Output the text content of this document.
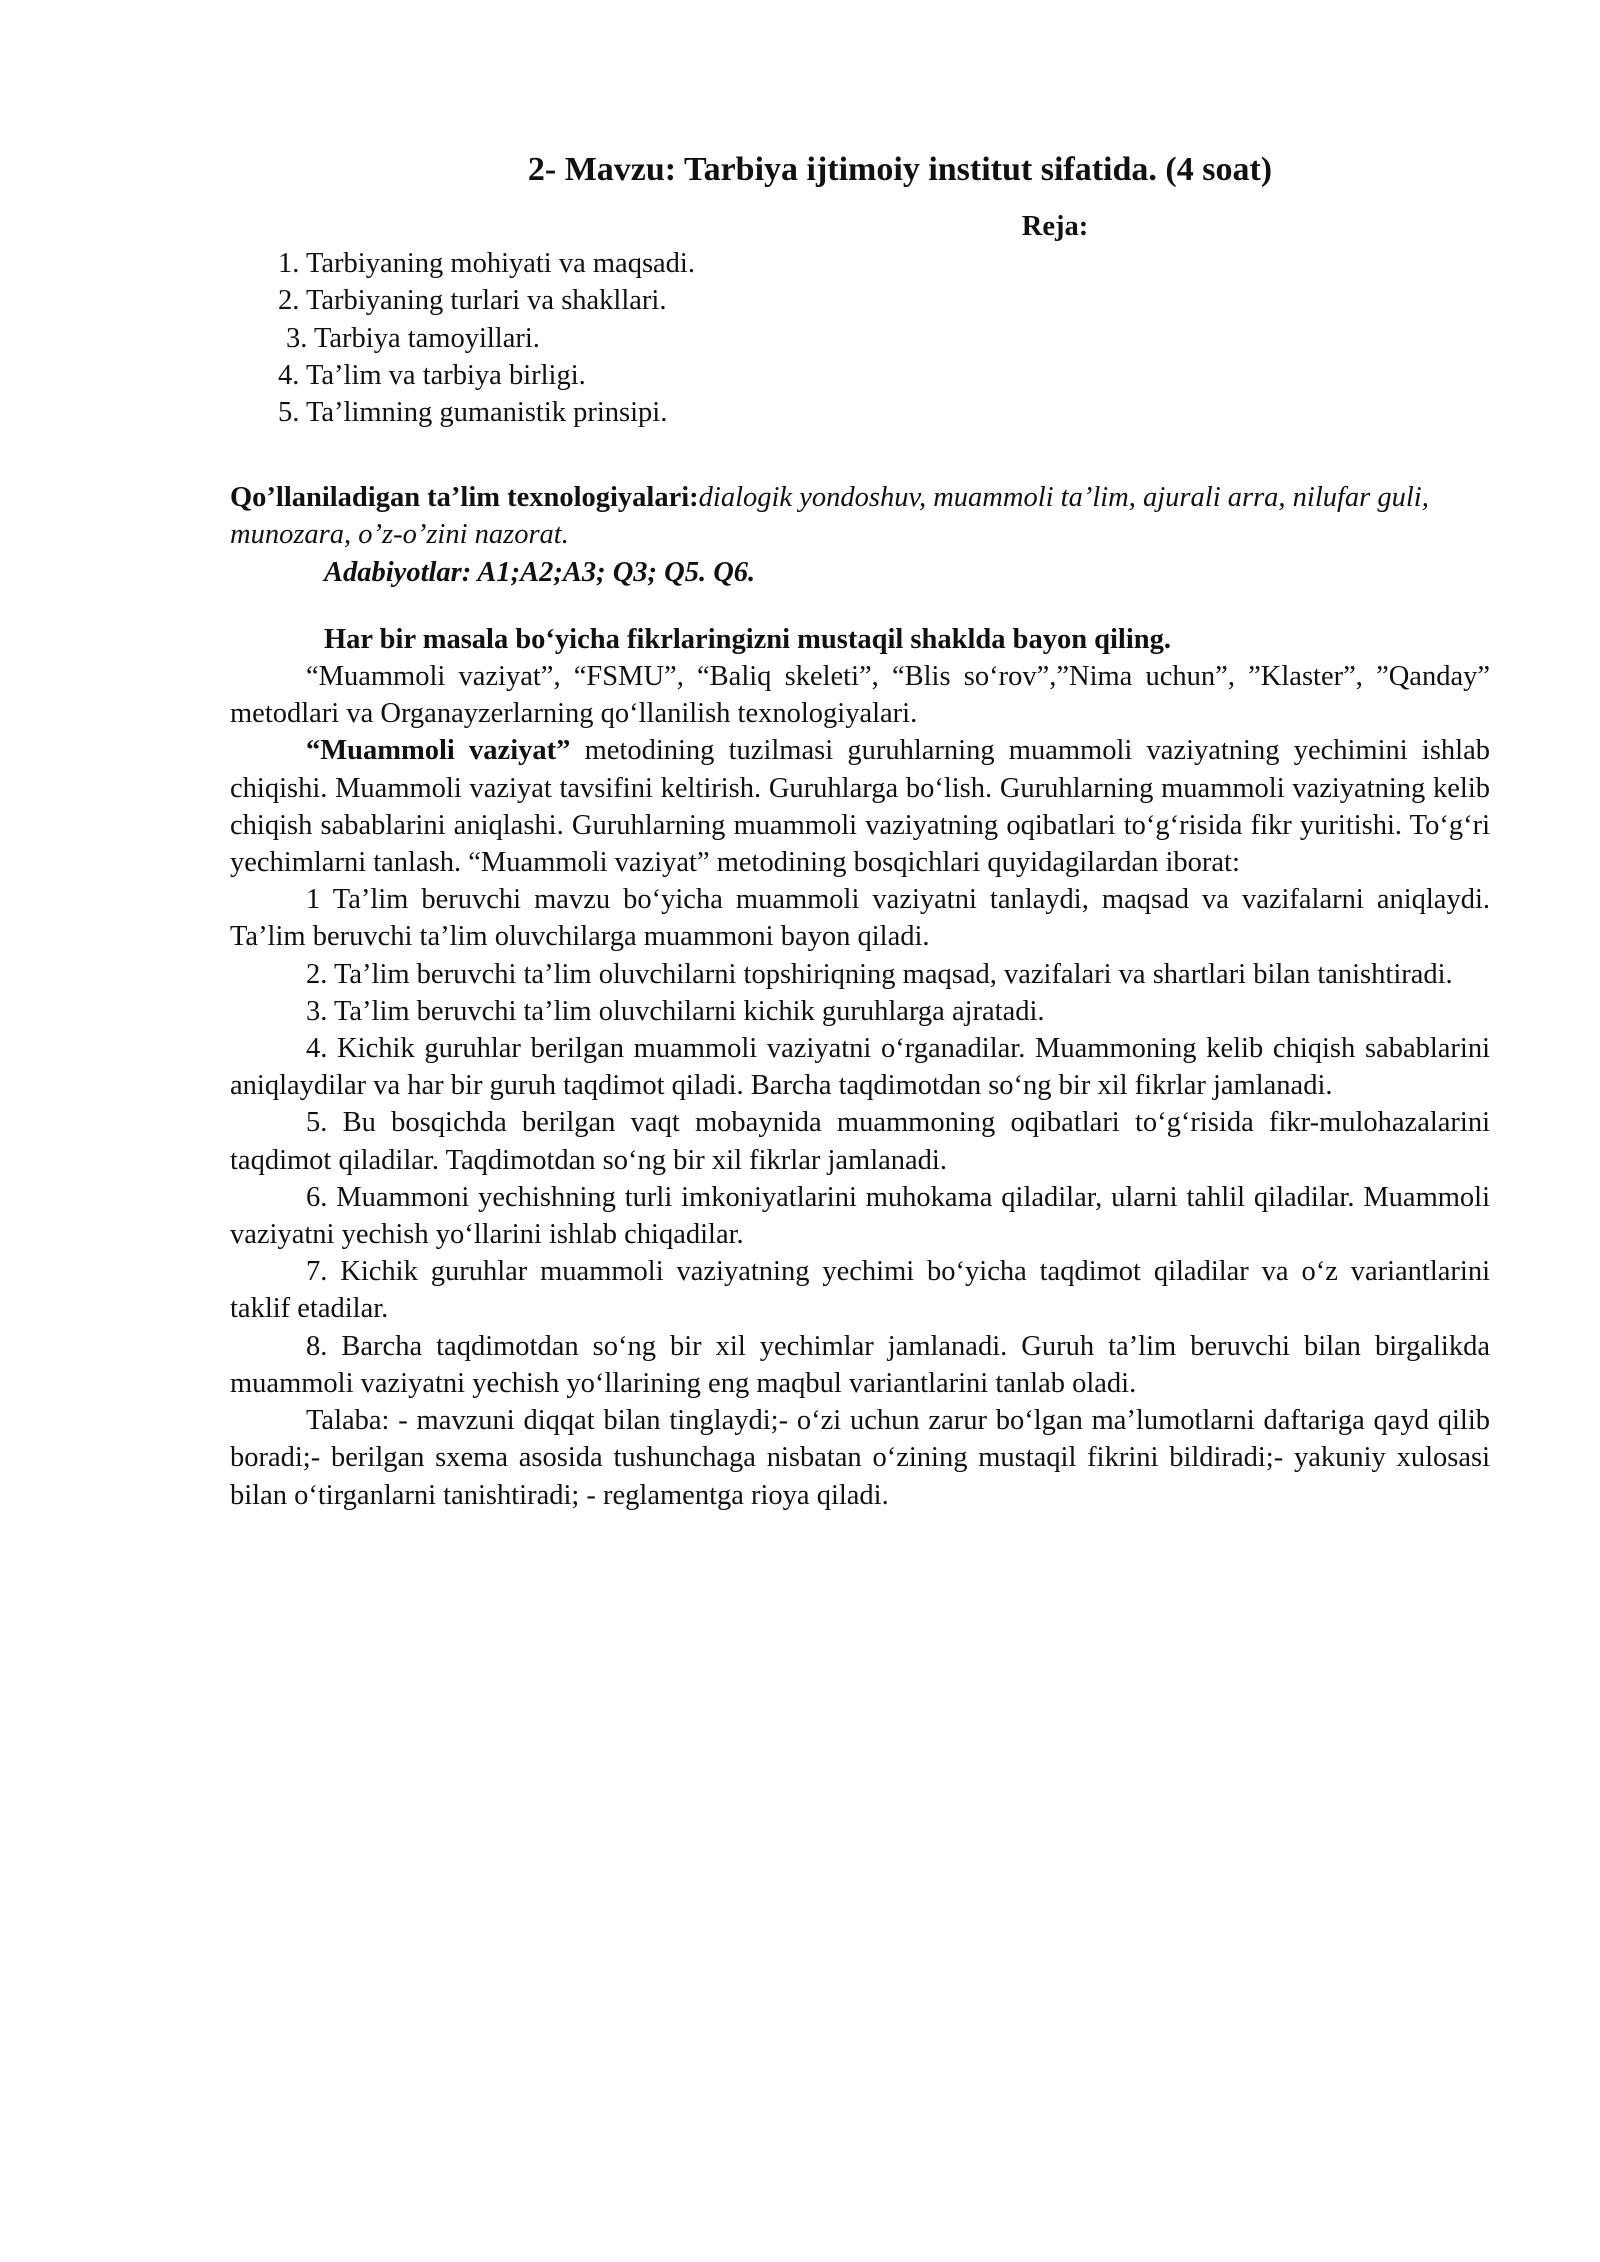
2- Mavzu: Tarbiya ijtimoiy institut sifatida. (4 soat)
Reja:
1. Tarbiyaning mohiyati va maqsadi.
2. Tarbiyaning turlari va shakllari.
3. Tarbiya tamoyillari.
4. Ta’lim va tarbiya birligi.
5. Ta’limning gumanistik prinsipi.

Qo’llaniladigan ta’lim texnologiyalari:dialogik yondoshuv, muammoli ta’lim, ajurali arra, nilufar guli, munozara, o’z-o’zini nazorat.

Adabiyotlar: A1;A2;A3; Q3; Q5. Q6.

Har bir masala bo‘yicha fikrlaringizni mustaqil shaklda bayon qiling.

“Muammoli vaziyat”, “FSMU”, “Baliq skeleti”, “Blis so‘rov”,”Nima uchun”, ”Klaster”, ”Qanday” metodlari va Organayzerlarning qo‘llanilish texnologiyalari.

“Muammoli vaziyat” metodining tuzilmasi guruhlarning muammoli vaziyatning yechimini ishlab chiqishi. Muammoli vaziyat tavsifini keltirish. Guruhlarga bo‘lish. Guruhlarning muammoli vaziyatning kelib chiqish sabablarini aniqlashi. Guruhlarning muammoli vaziyatning oqibatlari to‘g‘risida fikr yuritishi. To‘g‘ri yechimlarni tanlash. “Muammoli vaziyat” metodining bosqichlari quyidagilardan iborat:

1 Ta’lim beruvchi mavzu bo‘yicha muammoli vaziyatni tanlaydi, maqsad va vazifalarni aniqlaydi. Ta’lim beruvchi ta’lim oluvchilarga muammoni bayon qiladi.

2. Ta’lim beruvchi ta’lim oluvchilarni topshiriqning maqsad, vazifalari va shartlari bilan tanishtiradi.

3. Ta’lim beruvchi ta’lim oluvchilarni kichik guruhlarga ajratadi.

4. Kichik guruhlar berilgan muammoli vaziyatni o‘rganadilar. Muammoning kelib chiqish sabablarini aniqlaydilar va har bir guruh taqdimot qiladi. Barcha taqdimotdan so‘ng bir xil fikrlar jamlanadi.

5. Bu bosqichda berilgan vaqt mobaynida muammoning oqibatlari to‘g‘risida fikr-mulohazalarini taqdimot qiladilar. Taqdimotdan so‘ng bir xil fikrlar jamlanadi.

6. Muammoni yechishning turli imkoniyatlarini muhokama qiladilar, ularni tahlil qiladilar. Muammoli vaziyatni yechish yo‘llarini ishlab chiqadilar.

7. Kichik guruhlar muammoli vaziyatning yechimi bo‘yicha taqdimot qiladilar va o‘z variantlarini taklif etadilar.

8. Barcha taqdimotdan so‘ng bir xil yechimlar jamlanadi. Guruh ta’lim beruvchi bilan birgalikda muammoli vaziyatni yechish yo‘llarining eng maqbul variantlarini tanlab oladi.

Talaba: - mavzuni diqqat bilan tinglaydi;- o‘zi uchun zarur bo‘lgan ma’lumotlarni daftariga qayd qilib boradi;- berilgan sxema asosida tushunchaga nisbatan o‘zining mustaqil fikrini bildiradi;- yakuniy xulosasi bilan o‘tirganlarni tanishtiradi; - reglamentga rioya qiladi.
